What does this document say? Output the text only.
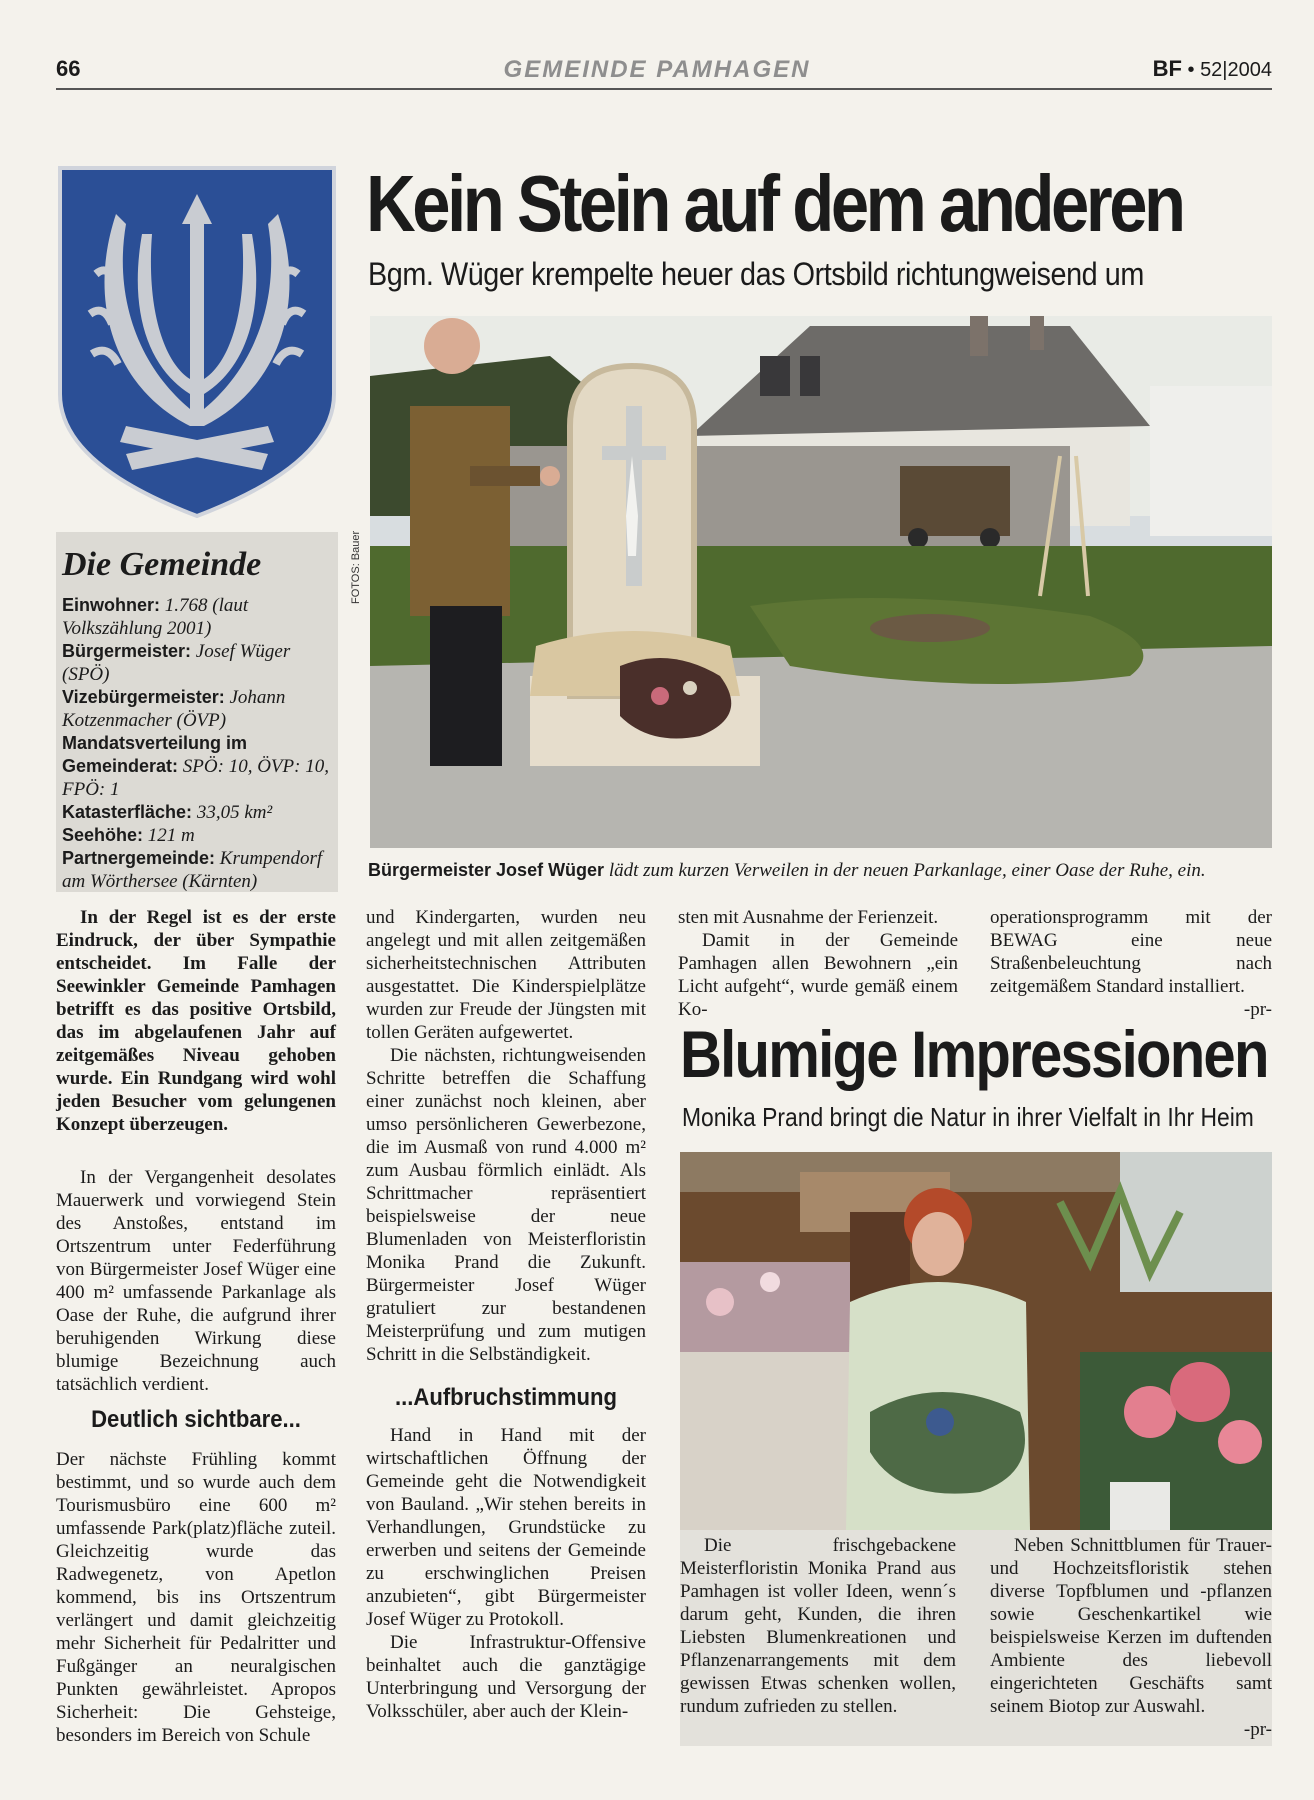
66	GEMEINDE PAMHAGEN	BF • 52|2004
Die Gemeinde
Einwohner: 1.768 (laut Volkszählung 2001)
Bürgermeister: Josef Wüger (SPÖ)
Vizebürgermeister: Johann Kotzenmacher (ÖVP)
Mandatsverteilung im Gemeinderat: SPÖ: 10, ÖVP: 10, FPÖ: 1
Katasterfläche: 33,05 km²
Seehöhe: 121 m
Partnergemeinde: Krumpendorf am Wörthersee (Kärnten)
Kein Stein auf dem anderen
Bgm. Wüger krempelte heuer das Ortsbild richtungweisend um
FOTOS: Bauer
Bürgermeister Josef Wüger lädt zum kurzen Verweilen in der neuen Parkanlage, einer Oase der Ruhe, ein.
In der Regel ist es der erste Eindruck, der über Sympathie entscheidet. Im Falle der Seewinkler Gemeinde Pamhagen betrifft es das positive Ortsbild, das im abgelaufenen Jahr auf zeitgemäßes Niveau gehoben wurde. Ein Rundgang wird wohl jeden Besucher vom gelungenen Konzept überzeugen.
In der Vergangenheit desolates Mauerwerk und vorwiegend Stein des Anstoßes, entstand im Ortszentrum unter Federführung von Bürgermeister Josef Wüger eine 400 m² umfassende Parkanlage als Oase der Ruhe, die aufgrund ihrer beruhigenden Wirkung diese blumige Bezeichnung auch tatsächlich verdient.
Deutlich sichtbare...
Der nächste Frühling kommt bestimmt, und so wurde auch dem Tourismusbüro eine 600 m² umfassende Park(platz)fläche zuteil. Gleichzeitig wurde das Radwegenetz, von Apetlon kommend, bis ins Ortszentrum verlängert und damit gleichzeitig mehr Sicherheit für Pedalritter und Fußgänger an neuralgischen Punkten gewährleistet. Apropos Sicherheit: Die Gehsteige, besonders im Bereich von Schule

und Kindergarten, wurden neu angelegt und mit allen zeitgemäßen sicherheitstechnischen Attributen ausgestattet. Die Kinderspielplätze wurden zur Freude der Jüngsten mit tollen Geräten aufgewertet.

Die nächsten, richtungweisenden Schritte betreffen die Schaffung einer zunächst noch kleinen, aber umso persönlicheren Gewerbezone, die im Ausmaß von rund 4.000 m² zum Ausbau förmlich einlädt. Als Schrittmacher repräsentiert beispielsweise der neue Blumenladen von Meisterfloristin Monika Prand die Zukunft. Bürgermeister Josef Wüger gratuliert zur bestandenen Meisterprüfung und zum mutigen Schritt in die Selbständigkeit.

...Aufbruchstimmung

Hand in Hand mit der wirtschaftlichen Öffnung der Gemeinde geht die Notwendigkeit von Bauland. „Wir stehen bereits in Verhandlungen, Grundstücke zu erwerben und seitens der Gemeinde zu erschwinglichen Preisen anzubieten“, gibt Bürgermeister Josef Wüger zu Protokoll.

Die Infrastruktur-Offensive beinhaltet auch die ganztägige Unterbringung und Versorgung der Volksschüler, aber auch der Klein-

sten mit Ausnahme der Ferienzeit.

Damit in der Gemeinde Pamhagen allen Bewohnern „ein Licht aufgeht“, wurde gemäß einem Ko-

operationsprogramm mit der BEWAG eine neue Straßenbeleuchtung nach zeitgemäßem Standard installiert.
-pr-
Blumige Impressionen
Monika Prand bringt die Natur in ihrer Vielfalt in Ihr Heim

Die frischgebackene Meisterfloristin Monika Prand aus Pamhagen ist voller Ideen, wenn´s darum geht, Kunden, die ihren Liebsten Blumenkreationen und Pflanzenarrangements mit dem gewissen Etwas schenken wollen, rundum zufrieden zu stellen.

Neben Schnittblumen für Trauer- und Hochzeitsfloristik stehen diverse Topfblumen und -pflanzen sowie Geschenkartikel wie beispielsweise Kerzen im duftenden Ambiente des liebevoll eingerichteten Geschäfts samt seinem Biotop zur Auswahl.

-pr-
